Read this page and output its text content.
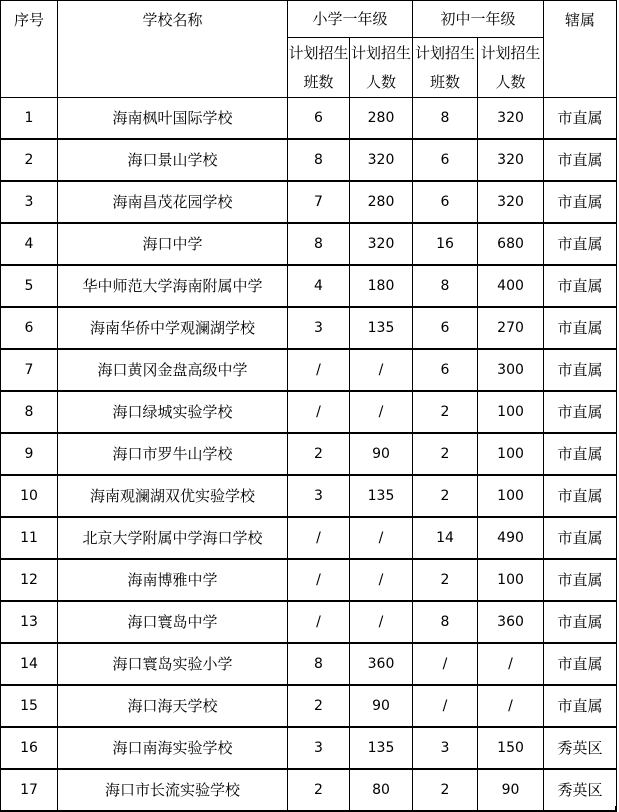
序号	学校名称	小学一年级		初中一年级		辖属
		计划招生班数	计划招生人数	计划招生班数	计划招生人数	
1	海南枫叶国际学校	6	280	8	320	市直属
2	海口景山学校	8	320	6	320	市直属
3	海南昌茂花园学校	7	280	6	320	市直属
4	海口中学	8	320	16	680	市直属
5	华中师范大学海南附属中学	4	180	8	400	市直属
6	海南华侨中学观澜湖学校	3	135	6	270	市直属
7	海口黄冈金盘高级中学	/	/	6	300	市直属
8	海口绿城实验学校	/	/	2	100	市直属
9	海口市罗牛山学校	2	90	2	100	市直属
10	海南观澜湖双优实验学校	3	135	2	100	市直属
11	北京大学附属中学海口学校	/	/	14	490	市直属
12	海南博雅中学	/	/	2	100	市直属
13	海口寰岛中学	/	/	8	360	市直属
14	海口寰岛实验小学	8	360	/	/	市直属
15	海口海天学校	2	90	/	/	市直属
16	海口南海实验学校	3	135	3	150	秀英区
17	海口市长流实验学校	2	80	2	90	秀英区
